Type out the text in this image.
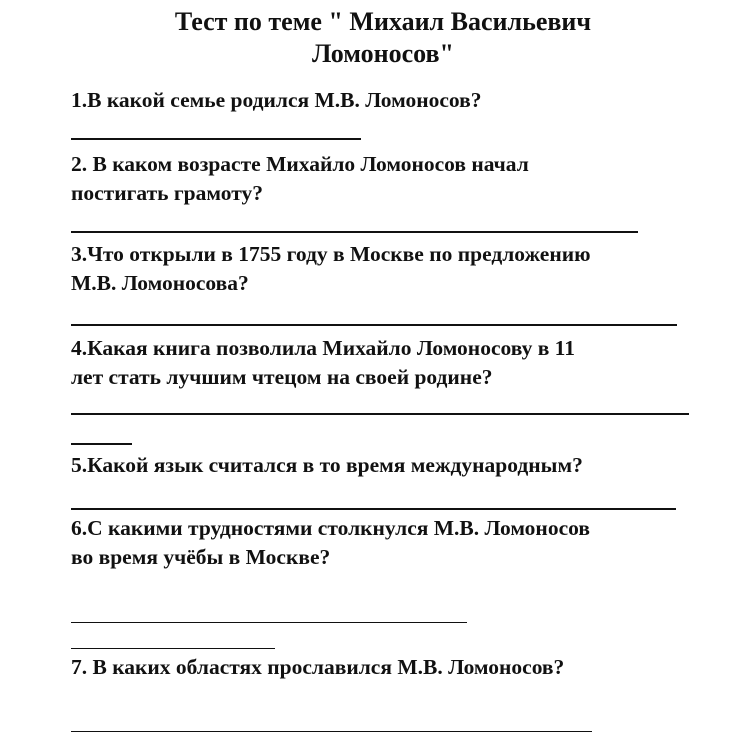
Тест по теме " Михаил Васильевич
Ломоносов"
1.В какой семье родился М.В. Ломоносов?
2. В каком возрасте Михайло Ломоносов начал
постигать грамоту?
3.Что открыли в 1755 году в Москве по предложению
М.В. Ломоносова?
4.Какая книга позволила Михайло Ломоносову в 11
лет стать лучшим чтецом на своей родине?
5.Какой язык считался в то время международным?
6.С какими трудностями столкнулся М.В. Ломоносов
во время учёбы в Москве?
7. В каких областях прославился М.В. Ломоносов?
